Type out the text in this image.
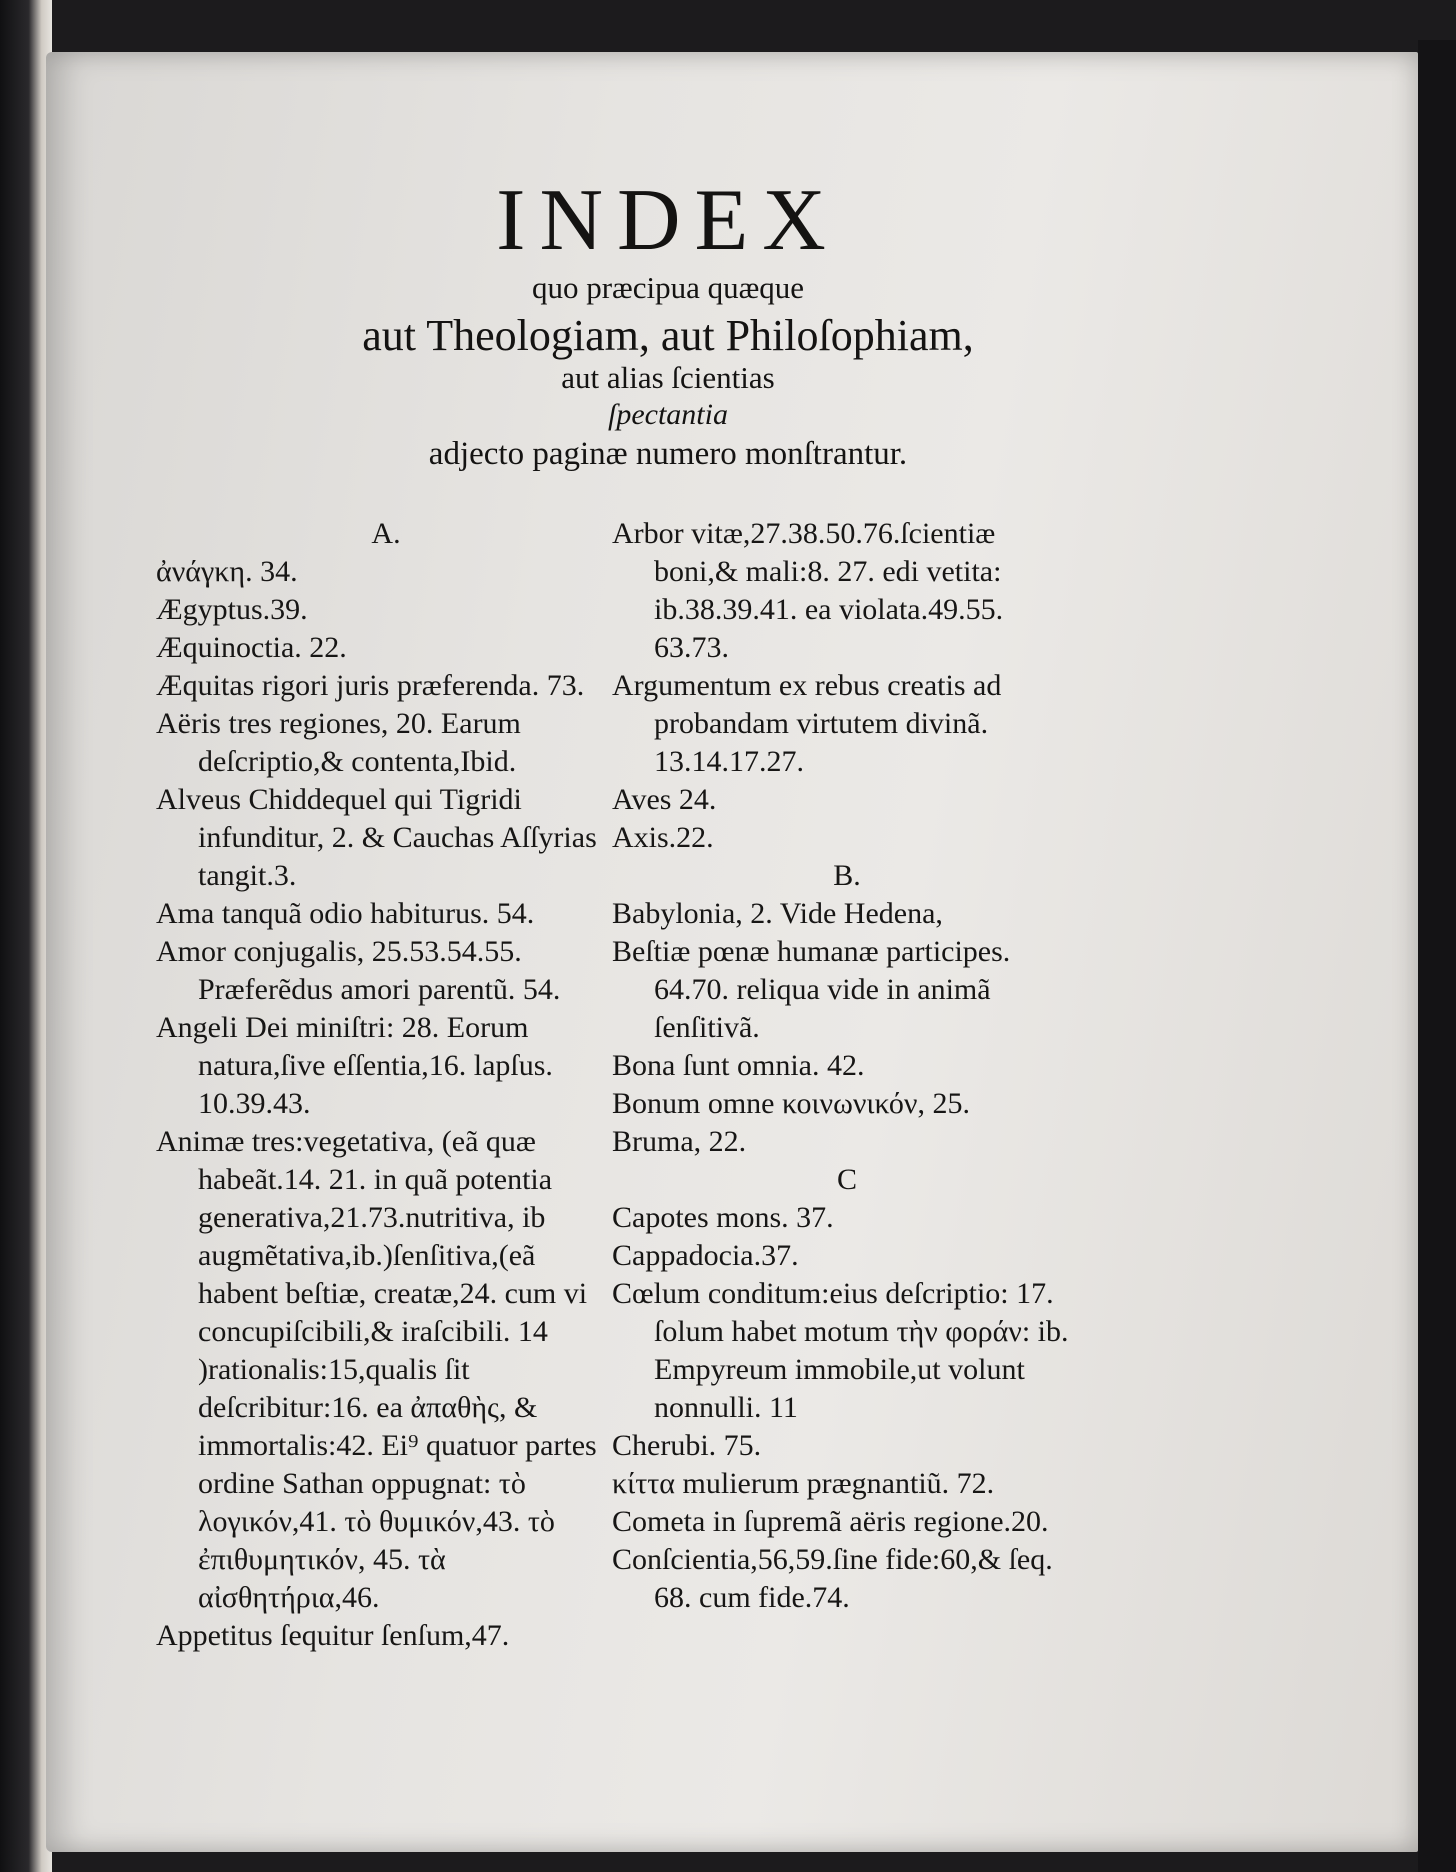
INDEX
quo præcipua quæque
aut Theologiam, aut Philoſophiam,
aut alias ſcientias
ſpectantia
adjecto paginæ numero monſtrantur.

A.

ἀνάγκη. 34.

Ægyptus.39.

Æquinoctia. 22.

Æquitas rigori juris præferenda. 73.

Aëris tres regiones, 20. Earum deſcriptio,& contenta,Ibid.

Alveus Chiddequel qui Tigridi infunditur, 2. & Cauchas Aſſyrias tangit.3.

Ama tanquã odio habiturus. 54.

Amor conjugalis, 25.53.54.55. Præferẽdus amori parentũ. 54.

Angeli Dei miniſtri: 28. Eorum natura,ſive eſſentia,16. lapſus. 10.39.43.

Animæ tres:vegetativa, (eã quæ habeãt.14. 21. in quã potentia generativa,21.73.nutritiva, ib augmẽtativa,ib.)ſenſitiva,(eã habent beſtiæ, creatæ,24. cum vi concupiſcibili,& iraſcibili. 14 )rationalis:15,qualis ſit deſcribitur:16. ea ἀπαθὴς, & immortalis:42. Ei⁹ quatuor partes ordine Sathan oppugnat: τὸ λογικόν,41. τὸ θυμικόν,43. τὸ ἐπιθυμητικόν, 45. τὰ αἰσθητήρια,46.

Appetitus ſequitur ſenſum,47.

Arbor vitæ,27.38.50.76.ſcientiæ boni,& mali:8. 27. edi vetita: ib.38.39.41. ea violata.49.55. 63.73.

Argumentum ex rebus creatis ad probandam virtutem divinã. 13.14.17.27.

Aves 24.

Axis.22.

B.

Babylonia, 2. Vide Hedena,

Beſtiæ pœnæ humanæ participes. 64.70. reliqua vide in animã ſenſitivã.

Bona ſunt omnia. 42.

Bonum omne κοινωνικόν, 25.

Bruma, 22.

C

Capotes mons. 37.

Cappadocia.37.

Cœlum conditum:eius deſcriptio: 17. ſolum habet motum τὴν φοράν: ib. Empyreum immobile,ut volunt nonnulli. 11

Cherubi. 75.

κίττα mulierum prægnantiũ. 72.

Cometa in ſupremã aëris regione.20.

Conſcientia,56,59.ſine fide:60,& ſeq. 68. cum fide.74.
